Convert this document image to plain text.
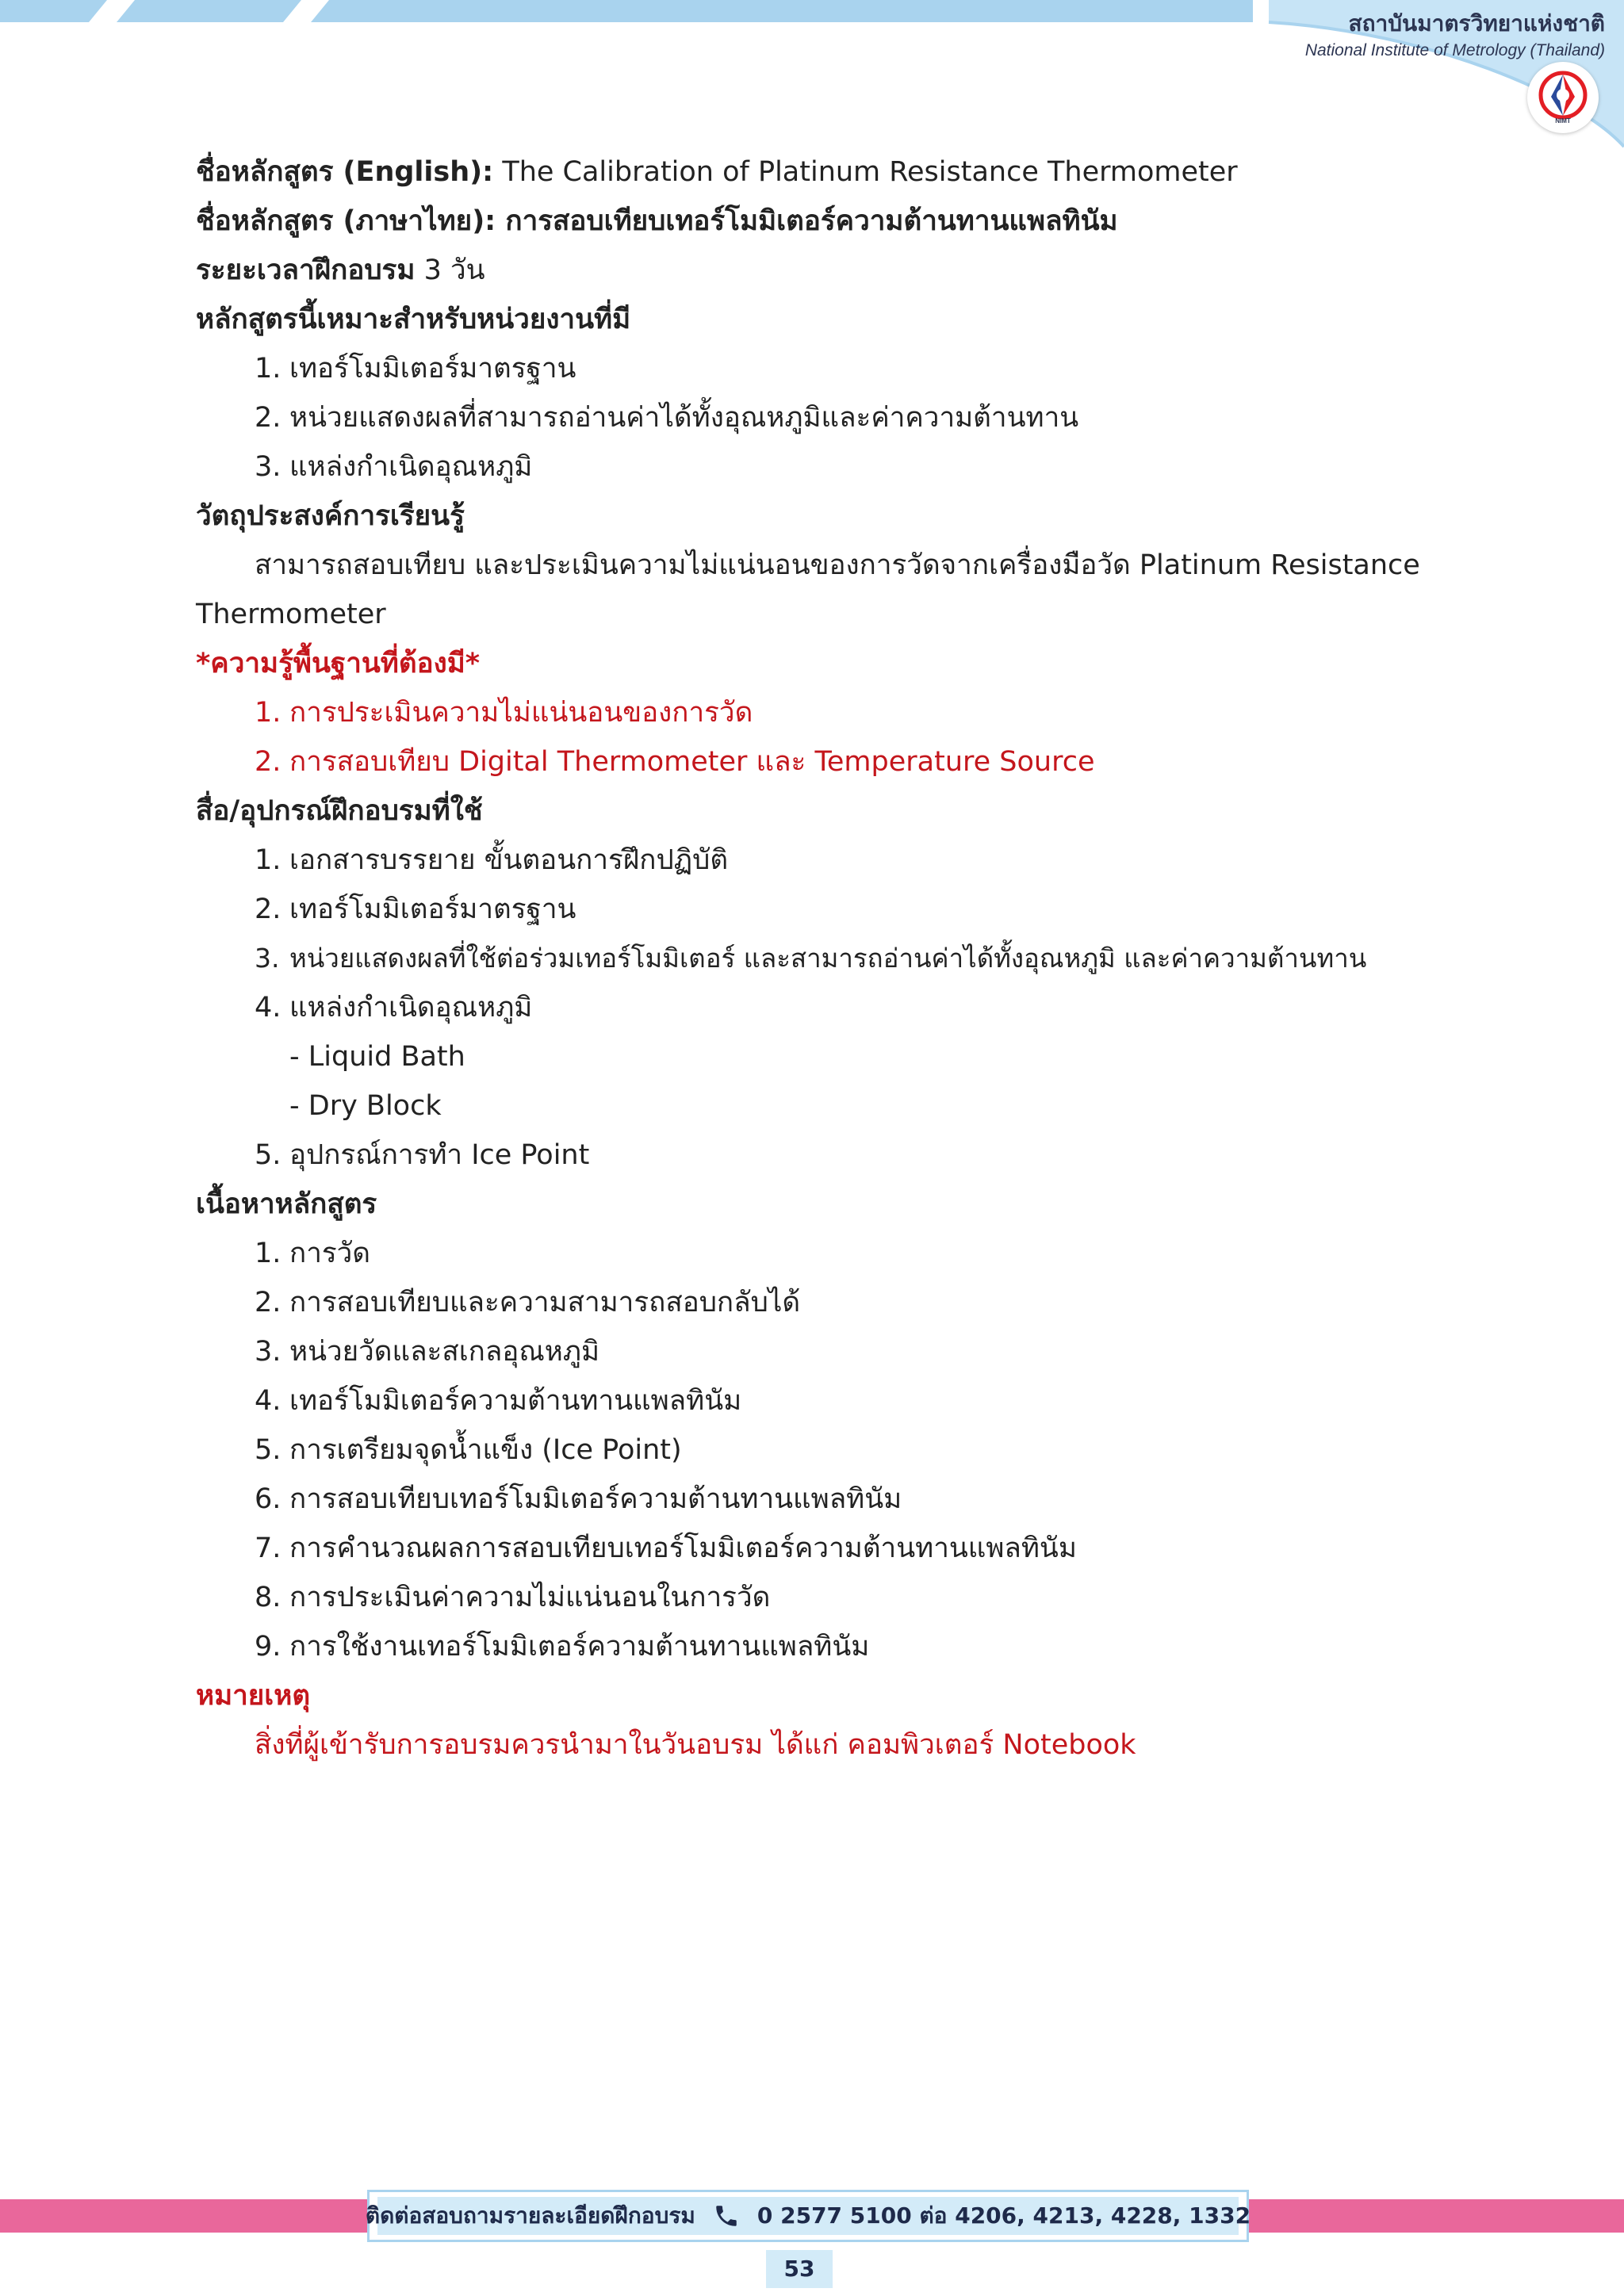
สถาบันมาตรวิทยาแห่งชาติ
National Institute of Metrology (Thailand)
NIMT
ชื่อหลักสูตร (English): The Calibration of Platinum Resistance Thermometer
ชื่อหลักสูตร (ภาษาไทย): การสอบเทียบเทอร์โมมิเตอร์ความต้านทานแพลทินัม
ระยะเวลาฝึกอบรม 3 วัน
หลักสูตรนี้เหมาะสำหรับหน่วยงานที่มี
1. เทอร์โมมิเตอร์มาตรฐาน
2. หน่วยแสดงผลที่สามารถอ่านค่าได้ทั้งอุณหภูมิและค่าความต้านทาน
3. แหล่งกำเนิดอุณหภูมิ
วัตถุประสงค์การเรียนรู้
สามารถสอบเทียบ และประเมินความไม่แน่นอนของการวัดจากเครื่องมือวัด Platinum Resistance
Thermometer
*ความรู้พื้นฐานที่ต้องมี*
1. การประเมินความไม่แน่นอนของการวัด
2. การสอบเทียบ Digital Thermometer และ Temperature Source
สื่อ/อุปกรณ์ฝึกอบรมที่ใช้
1. เอกสารบรรยาย ขั้นตอนการฝึกปฏิบัติ
2. เทอร์โมมิเตอร์มาตรฐาน
3. หน่วยแสดงผลที่ใช้ต่อร่วมเทอร์โมมิเตอร์ และสามารถอ่านค่าได้ทั้งอุณหภูมิ และค่าความต้านทาน
4. แหล่งกำเนิดอุณหภูมิ
- Liquid Bath
- Dry Block
5. อุปกรณ์การทำ Ice Point
เนื้อหาหลักสูตร
1. การวัด
2. การสอบเทียบและความสามารถสอบกลับได้
3. หน่วยวัดและสเกลอุณหภูมิ
4. เทอร์โมมิเตอร์ความต้านทานแพลทินัม
5. การเตรียมจุดน้ำแข็ง (Ice Point)
6. การสอบเทียบเทอร์โมมิเตอร์ความต้านทานแพลทินัม
7. การคำนวณผลการสอบเทียบเทอร์โมมิเตอร์ความต้านทานแพลทินัม
8. การประเมินค่าความไม่แน่นอนในการวัด
9. การใช้งานเทอร์โมมิเตอร์ความต้านทานแพลทินัม
หมายเหตุ
สิ่งที่ผู้เข้ารับการอบรมควรนำมาในวันอบรม ได้แก่ คอมพิวเตอร์ Notebook
ติดต่อสอบถามรายละเอียดฝึกอบรม	0 2577 5100 ต่อ 4206, 4213, 4228, 1332
53
